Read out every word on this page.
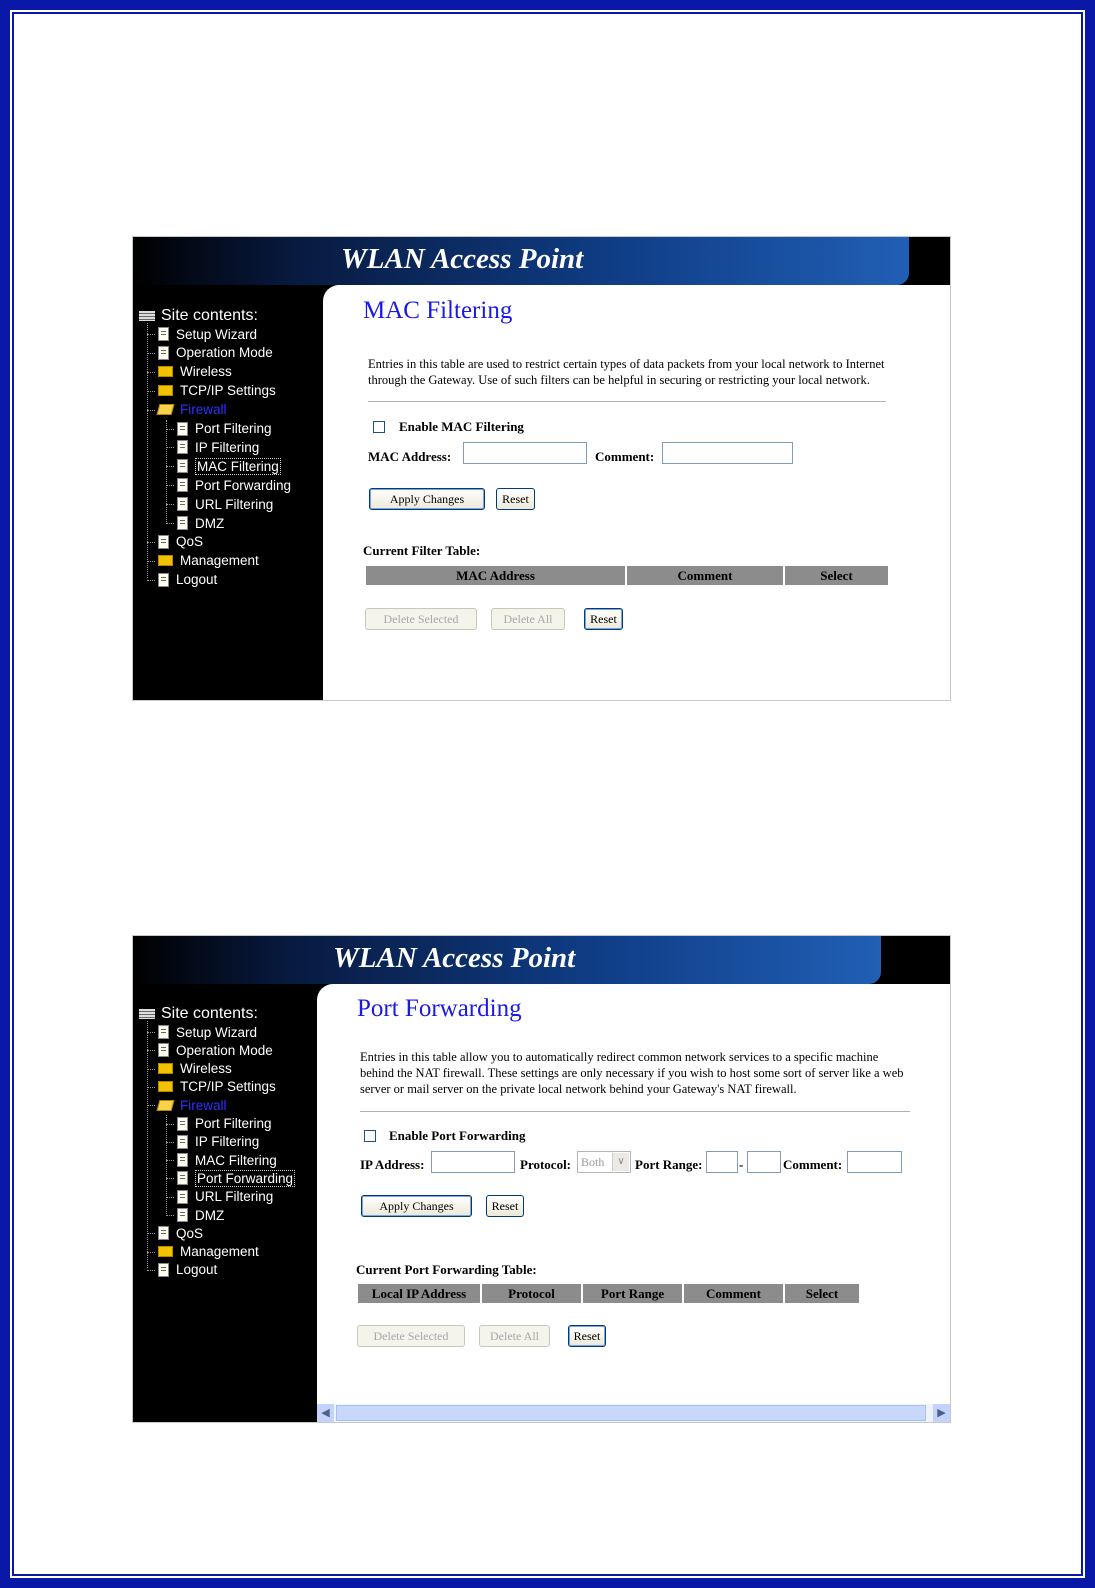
WLAN Access Point
Site contents:
Setup Wizard
Operation Mode
Wireless
TCP/IP Settings
Firewall
Port Filtering
IP Filtering
MAC Filtering
Port Forwarding
URL Filtering
DMZ
QoS
Management
Logout
MAC Filtering
Entries in this table are used to restrict certain types of data packets from your local network to Internet through the Gateway. Use of such filters can be helpful in securing or restricting your local network.
Enable MAC Filtering
MAC Address:	Comment:
Apply Changes	Reset
Current Filter Table:
MAC Address	Comment	Select
Delete Selected	Delete All	Reset
WLAN Access Point
Site contents:
Setup Wizard
Operation Mode
Wireless
TCP/IP Settings
Firewall
Port Filtering
IP Filtering
MAC Filtering
Port Forwarding
URL Filtering
DMZ
QoS
Management
Logout
Port Forwarding
Entries in this table allow you to automatically redirect common network services to a specific machine behind the NAT firewall. These settings are only necessary if you wish to host some sort of server like a web server or mail server on the private local network behind your Gateway's NAT firewall.
Enable Port Forwarding
IP Address:	Protocol: Both	∨ Port Range:	-	Comment:
Apply Changes	Reset
Current Port Forwarding Table:
Local IP Address	Protocol	Port Range	Comment	Select
Delete Selected	Delete All	Reset
◀	▶
